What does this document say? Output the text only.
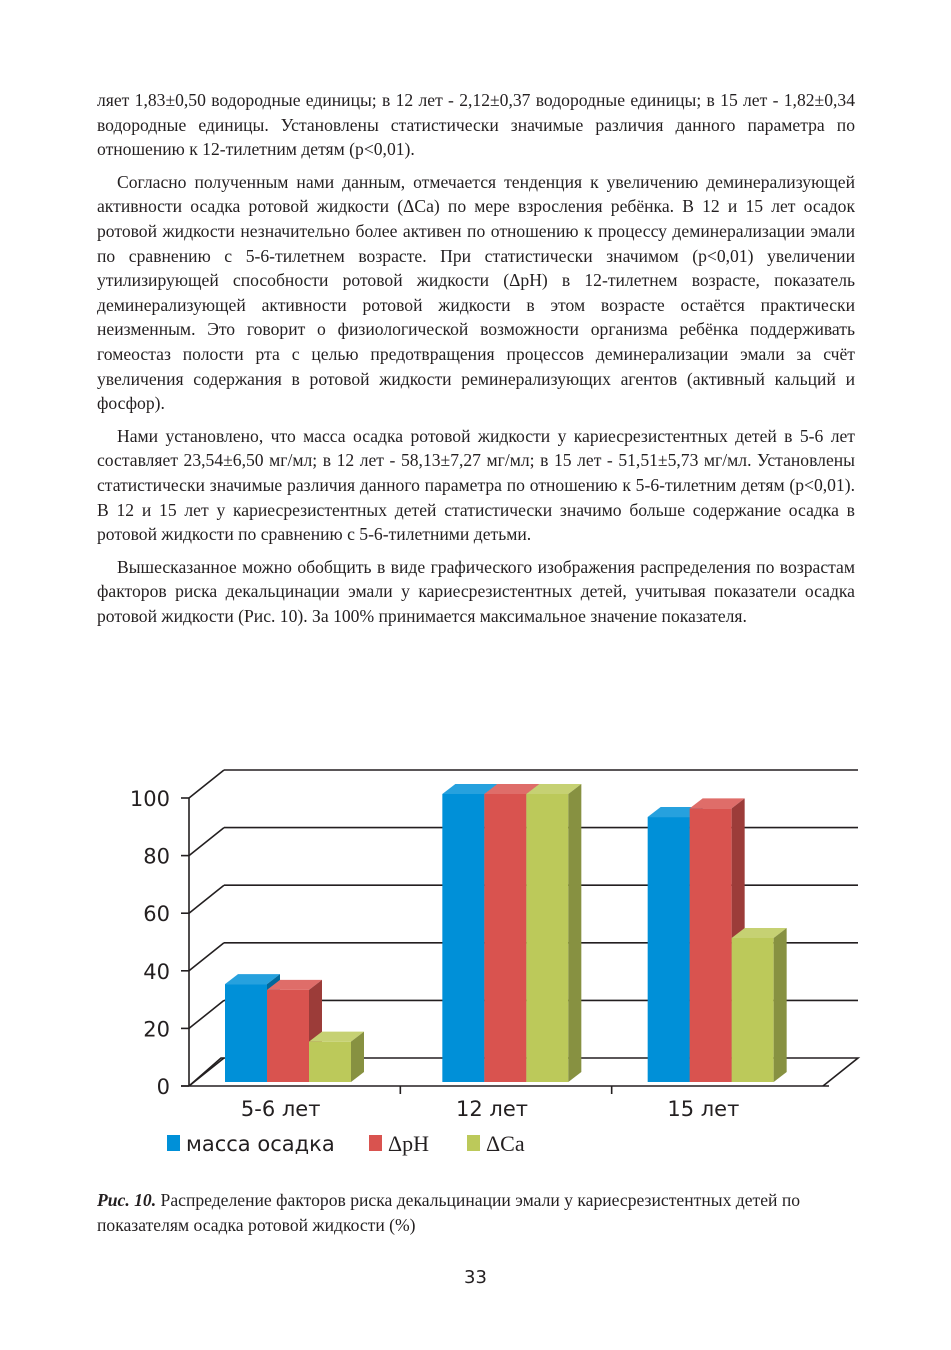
ляет 1,83±0,50 водородные единицы; в 12 лет - 2,12±0,37 водородные единицы; в 15 лет - 1,82±0,34 водородные единицы. Установлены статистически значимые различия данного параметра по отношению к 12-тилетним детям (p<0,01).

Согласно полученным нами данным, отмечается тенденция к увеличению деминерализующей активности осадка ротовой жидкости (ΔCa) по мере взросления ребёнка. В 12 и 15 лет осадок ротовой жидкости незначительно более активен по отношению к процессу деминерализации эмали по сравнению с 5-6-тилетнем возрасте. При статистически значимом (p<0,01) увеличении утилизирующей способности ротовой жидкости (ΔpH) в 12-тилетнем возрасте, показатель деминерализующей активности ротовой жидкости в этом возрасте остаётся практически неизменным. Это говорит о физиологической возможности организма ребёнка поддерживать гомеостаз полости рта с целью предотвращения процессов деминерализации эмали за счёт увеличения содержания в ротовой жидкости реминерализующих агентов (активный кальций и фосфор).

Нами установлено, что масса осадка ротовой жидкости у кариесрезистентных детей в 5-6 лет составляет 23,54±6,50 мг/мл; в 12 лет - 58,13±7,27 мг/мл; в 15 лет - 51,51±5,73 мг/мл. Установлены статистически значимые различия данного параметра по отношению к 5-6-тилетним детям (p<0,01). В 12 и 15 лет у кариесрезистентных детей статистически значимо больше содержание осадка в ротовой жидкости по сравнению с 5-6-тилетними детьми.

Вышесказанное можно обобщить в виде графического изображения распределения по возрастам факторов риска декальцинации эмали у кариесрезистентных детей, учитывая показатели осадка ротовой жидкости (Рис. 10). За 100% принимается максимальное значение показателя.

0
20
40
60
80
100
5-6 лет	12 лет	15 лет
масса осадка ΔpH	ΔCa
Рис. 10. Распределение факторов риска декальцинации эмали у кариесрезистентных детей по показателям осадка ротовой жидкости (%)
33
